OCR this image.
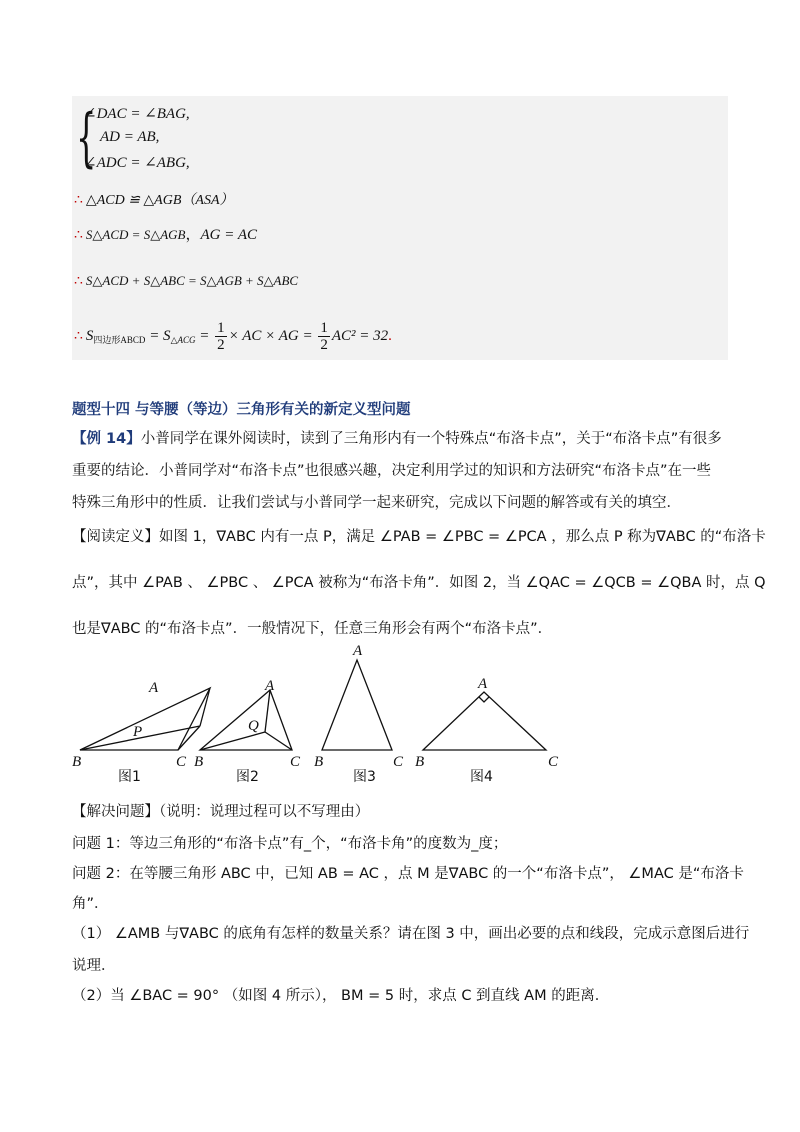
{
∠DAC = ∠BAG,
AD = AB,
∠ADC = ∠ABG,
∴ △ACD ≌ △AGB（ASA）
∴ S△ACD = S△AGB，AG = AC
∴ S△ACD + S△ABC = S△AGB + S△ABC
∴ $S_{四边形ABCD} = S_{\triangle ACG} = \frac{1}{2}$ × AC × AG = $\frac{1}{2} AC^2 = 32$.
题型十四 与等腰（等边）三角形有关的新定义型问题
【例 14】小普同学在课外阅读时，读到了三角形内有一个特殊点“布洛卡点”，关于“布洛卡点”有很多
重要的结论．小普同学对“布洛卡点”也很感兴趣，决定利用学过的知识和方法研究“布洛卡点”在一些
特殊三角形中的性质．让我们尝试与小普同学一起来研究，完成以下问题的解答或有关的填空．
【阅读定义】如图 1，∇ABC 内有一点 P，满足 ∠PAB = ∠PBC = ∠PCA ，那么点 P 称为∇ABC 的“布洛卡
点”，其中 ∠PAB 、 ∠PBC 、 ∠PCA 被称为“布洛卡角”．如图 2，当 ∠QAC = ∠QCB = ∠QBA 时，点 Q
也是∇ABC 的“布洛卡点”．一般情况下，任意三角形会有两个“布洛卡点”．
A
B	C
P
图1
A
B	C
Q
图2
A
B	C
图3
A
B	C
图4
【解决问题】（说明：说理过程可以不写理由）
问题 1：等边三角形的“布洛卡点”有_个，“布洛卡角”的度数为_度；
问题 2：在等腰三角形 ABC 中，已知 AB = AC ，点 M 是∇ABC 的一个“布洛卡点”， ∠MAC 是“布洛卡
角”．
（1） ∠AMB 与∇ABC 的底角有怎样的数量关系？请在图 3 中，画出必要的点和线段，完成示意图后进行
说理．
（2）当 ∠BAC = 90° （如图 4 所示）， BM = 5 时，求点 C 到直线 AM 的距离．
